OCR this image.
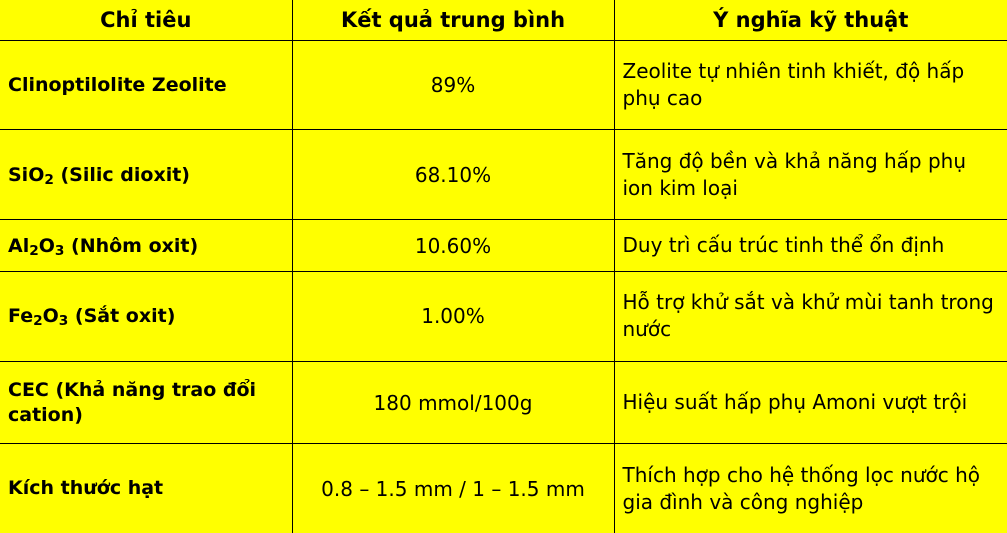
Chỉ tiêu	Kết quả trung bình	Ý nghĩa kỹ thuật
Clinoptilolite Zeolite	89%	Zeolite tự nhiên tinh khiết, độ hấp phụ cao
SiO$_2$ (Silic dioxit)	68.10%	Tăng độ bền và khả năng hấp phụ ion kim loại
$Al_2O_3$ (Nhôm oxit)	10.60%	Duy trì cấu trúc tinh thể ổn định
$Fe_2O_3$ (Sắt oxit)	1.00%	Hỗ trợ khử sắt và khử mùi tanh trong nước
CEC (Khả năng trao đổi cation)	180 mmol/100g	Hiệu suất hấp phụ Amoni vượt trội
Kích thước hạt	0.8 – 1.5 mm / 1 – 1.5 mm	Thích hợp cho hệ thống lọc nước hộ gia đình và công nghiệp
